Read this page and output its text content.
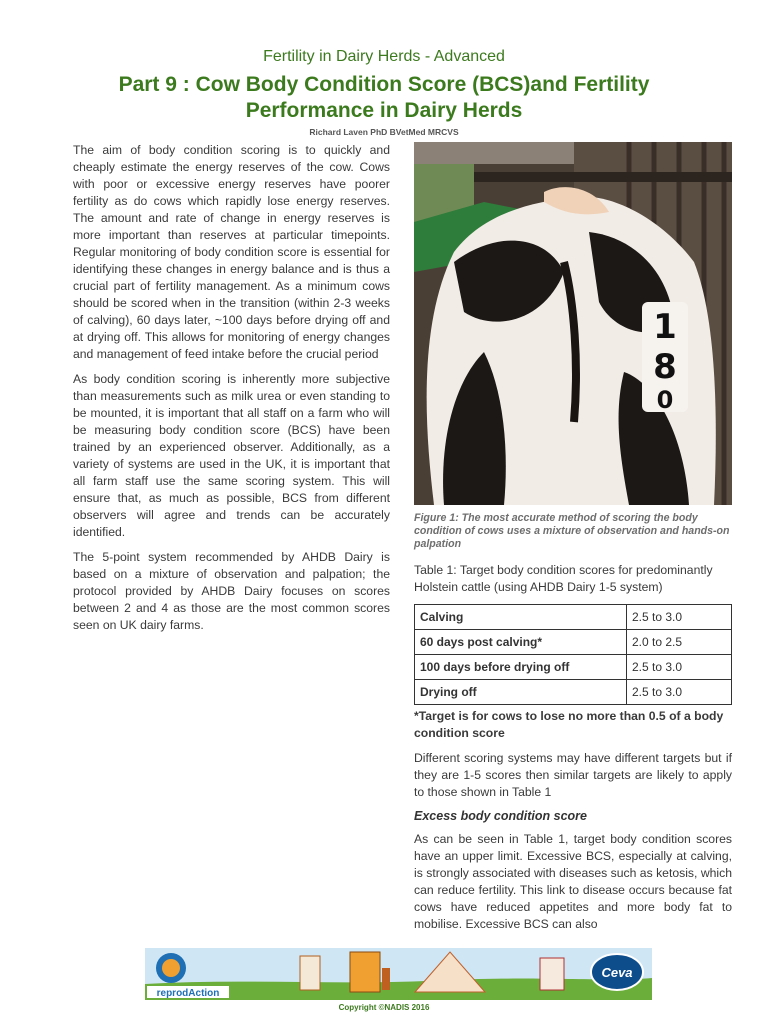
Fertility in Dairy Herds - Advanced
Part 9 : Cow Body Condition Score (BCS)and Fertility Performance in Dairy Herds
Richard Laven PhD BVetMed MRCVS

The aim of body condition scoring is to quickly and cheaply estimate the energy reserves of the cow. Cows with poor or excessive energy reserves have poorer fertility as do cows which rapidly lose energy reserves. The amount and rate of change in energy reserves is more important than reserves at particular timepoints. Regular monitoring of body condition score is essential for identifying these changes in energy balance and is thus a crucial part of fertility management. As a minimum cows should be scored when in the transition (within 2-3 weeks of calving), 60 days later, ~100 days before drying off and at drying off. This allows for monitoring of energy changes and management of feed intake before the crucial period

As body condition scoring is inherently more subjective than measurements such as milk urea or even standing to be mounted, it is important that all staff on a farm who will be measuring body condition score (BCS) have been trained by an experienced observer. Additionally, as a variety of systems are used in the UK, it is important that all farm staff use the same scoring system. This will ensure that, as much as possible, BCS from different observers will agree and trends can be accurately identified.

The 5-point system recommended by AHDB Dairy is based on a mixture of observation and palpation; the protocol provided by AHDB Dairy focuses on scores between 2 and 4 as those are the most common scores seen on UK dairy farms.

1
8
0
Figure 1: The most accurate method of scoring the body condition of cows uses a mixture of observation and hands-on palpation
Table 1: Target body condition scores for predominantly Holstein cattle (using AHDB Dairy 1-5 system)
Calving	2.5 to 3.0
60 days post calving*	2.0 to 2.5
100 days before drying off	2.5 to 3.0
Drying off	2.5 to 3.0

*Target is for cows to lose no more than 0.5 of a body condition score

Different scoring systems may have different targets but if they are 1-5 scores then similar targets are likely to apply to those shown in Table 1

Excess body condition score

As can be seen in Table 1, target body condition scores have an upper limit. Excessive BCS, especially at calving, is strongly associated with diseases such as ketosis, which can reduce fertility. This link to disease occurs because fat cows have reduced appetites and more body fat to mobilise. Excessive BCS can also

reprodAction
Ceva
Copyright ©NADIS 2016
